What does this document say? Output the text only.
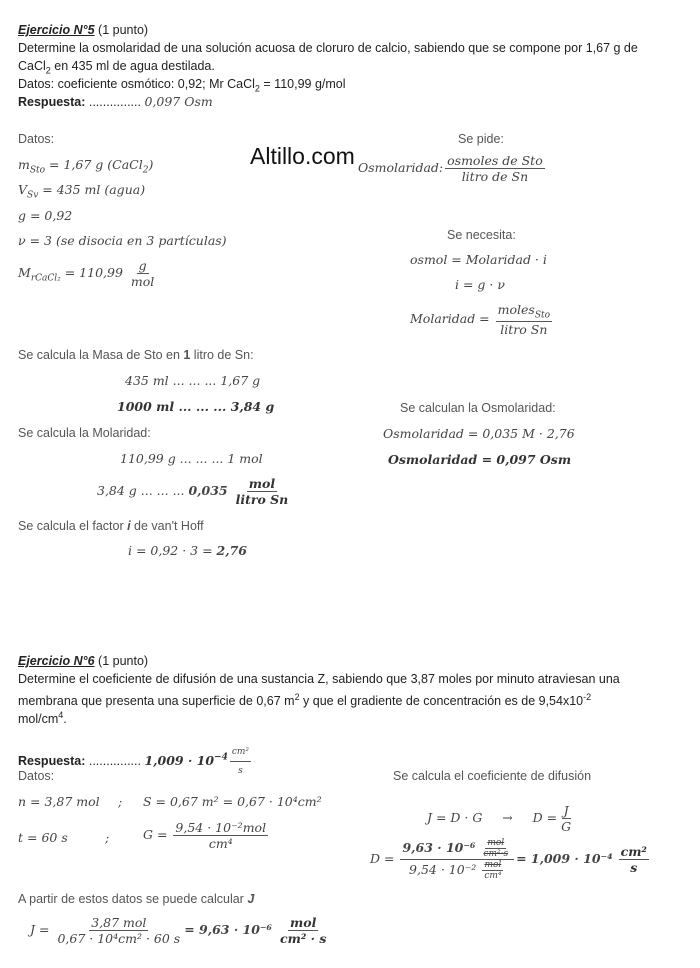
Ejercicio N°5 (1 punto)
Determine la osmolaridad de una solución acuosa de cloruro de calcio, sabiendo que se compone por 1,67 g de
CaCl$_2$ en 435 ml de agua destilada.
Datos: coeficiente osmótico: 0,92; Mr CaCl$_2$ = 110,99 g/mol
Respuesta: ............... 0,097 Osm
Datos:
$m_{Sto} = 1,67$ g (CaCl$_2$)
$V_{Sv} = 435$ ml (agua)
g = 0,92
ν = 3 (se disocia en 3 partículas)
$M_{rCaCl_2} = 110,99$ g
mol
Altillo.com
Se pide:
Osmolaridad: osmoles de Sto
litro de Sn
Se necesita:
osmol = Molaridad · i
i = g · ν
Molaridad =
moles$_{Sto}$
litro Sn
Se calcula la Masa de Sto en 1 litro de Sn:
435 ml ... ... ... 1,67 g
1000 ml ... ... ... 3,84 g
Se calcula la Molaridad:
110,99 g ... ... ... 1 mol
3,84 g ... ... ... 0,035 mol
litro Sn
Se calcula el factor i de van't Hoff
i = 0,92 · 3 = 2,76
Se calculan la Osmolaridad:
Osmolaridad = 0,035 M · 2,76
Osmolaridad = 0,097 Osm
Ejercicio N°6 (1 punto)
Determine el coeficiente de difusión de una sustancia Z, sabiendo que 3,87 moles por minuto atraviesan una
membrana que presenta una superficie de 0,67 $m^2$ y que el gradiente de concentración es de $9,54x10^{-2}$
mol/$cm^4$.
Respuesta: ............... $1,009 \cdot 10^{-4} \frac{\text{cm²}}{s}$
Datos:
n = 3,87 mol ; S = 0,67 m² = 0,67 · 10⁴cm²
t = 60 s	;	G = 9,54 · 10⁻²mol
cm⁴
Se calcula el coeficiente de difusión
$J = D \cdot G \to D = \frac{J}{G}$
D =
9,63 · 10⁻⁶ mol
cm²·s
9,54 · 10⁻² mol
cm⁴
= $1,009 \cdot 10^{-4} \frac{\text{cm²}}{s}$
A partir de estos datos se puede calcular J
J =	3,87 mol
0,67 · 10⁴cm² · 60 s
= 9,63 · 10⁻⁶ mol
cm² · s
